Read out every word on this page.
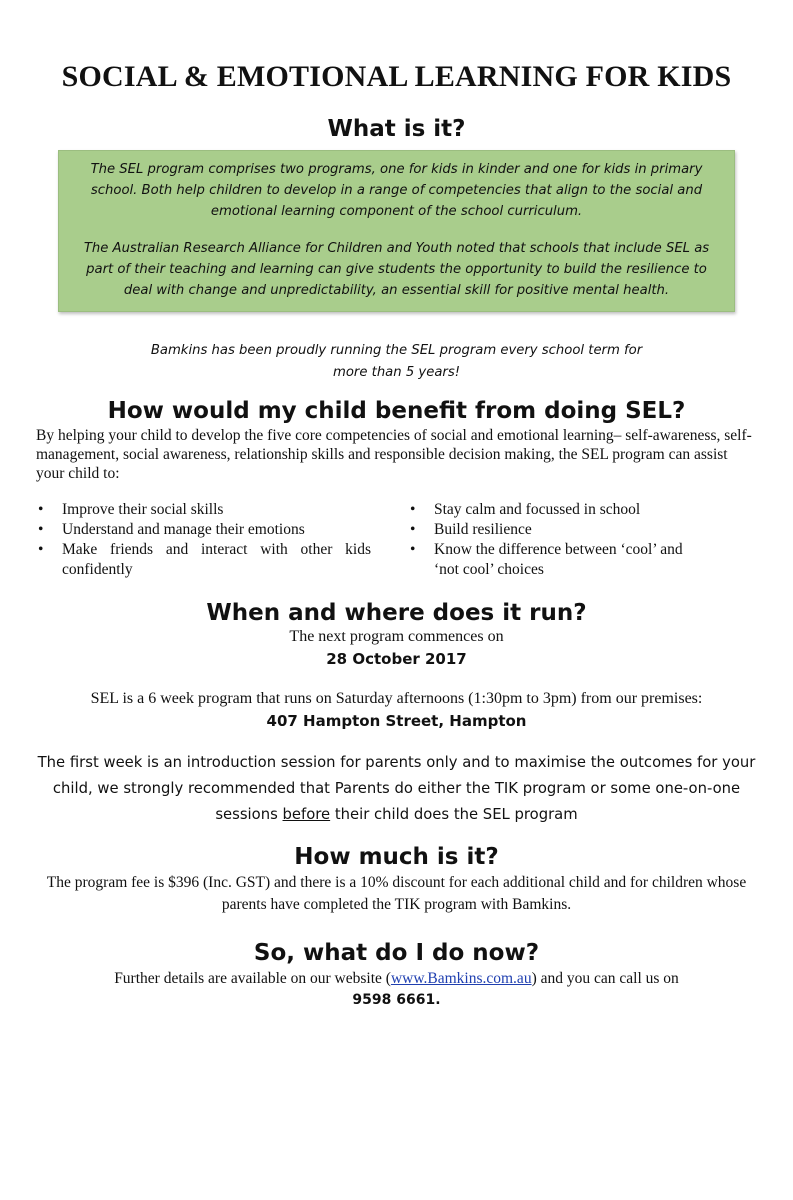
SOCIAL & EMOTIONAL LEARNING FOR KIDS
What is it?

The SEL program comprises two programs, one for kids in kinder and one for kids in primary school. Both help children to develop in a range of competencies that align to the social and emotional learning component of the school curriculum.

The Australian Research Alliance for Children and Youth noted that schools that include SEL as part of their teaching and learning can give students the opportunity to build the resilience to deal with change and unpredictability, an essential skill for positive mental health.

Bamkins has been proudly running the SEL program every school term for more than 5 years!

How would my child benefit from doing SEL?

By helping your child to develop the five core competencies of social and emotional learning– self-awareness, self-management, social awareness, relationship skills and responsible decision making, the SEL program can assist your child to:

• Improve their social skills
• Understand and manage their emotions
• Make friends and interact with other kids confidently
• Stay calm and focussed in school
• Build resilience
• Know the difference between ‘cool’ and ‘not cool’ choices
When and where does it run?

The next program commences on

28 October 2017

SEL is a 6 week program that runs on Saturday afternoons (1:30pm to 3pm) from our premises:

407 Hampton Street, Hampton

The first week is an introduction session for parents only and to maximise the outcomes for your child, we strongly recommended that Parents do either the TIK program or some one-on-one sessions before their child does the SEL program

How much is it?

The program fee is $396 (Inc. GST) and there is a 10% discount for each additional child and for children whose parents have completed the TIK program with Bamkins.

So, what do I do now?

Further details are available on our website (www.Bamkins.com.au) and you can call us on

9598 6661.
